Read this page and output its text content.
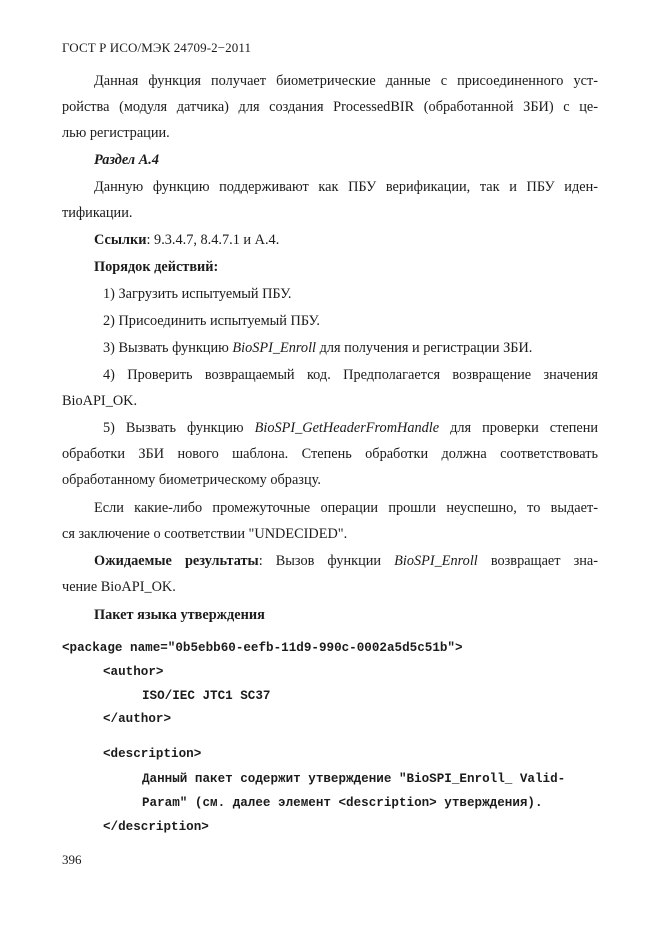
ГОСТ Р ИСО/МЭК 24709-2−2011
Данная функция получает биометрические данные с присоединенного уст-
ройства (модуля датчика) для создания ProcessedBIR (обработанной ЗБИ) с це-
лью регистрации.
Раздел А.4
Данную функцию поддерживают как ПБУ верификации, так и ПБУ иден-
тификации.
Ссылки: 9.3.4.7, 8.4.7.1 и А.4.
Порядок действий:
1) Загрузить испытуемый ПБУ.
2) Присоединить испытуемый ПБУ.
3) Вызвать функцию BioSPI_Enroll для получения и регистрации ЗБИ.
4) Проверить возвращаемый код. Предполагается возвращение значения
BioAPI_OK.
5) Вызвать функцию BioSPI_GetHeaderFromHandle для проверки степени
обработки ЗБИ нового шаблона. Степень обработки должна соответствовать
обработанному биометрическому образцу.
Если какие-либо промежуточные операции прошли неуспешно, то выдает-
ся заключение о соответствии "UNDECIDED".
Ожидаемые результаты: Вызов функции BioSPI_Enroll возвращает зна-
чение BioAPI_OK.
Пакет языка утверждения
<package name="0b5ebb60-eefb-11d9-990c-0002a5d5c51b">
<author>
ISO/IEC JTC1 SC37
</author>
<description>
Данный пакет содержит утверждение "BioSPI_Enroll_ Valid-
Param" (см. далее элемент <description> утверждения).
</description>
396
